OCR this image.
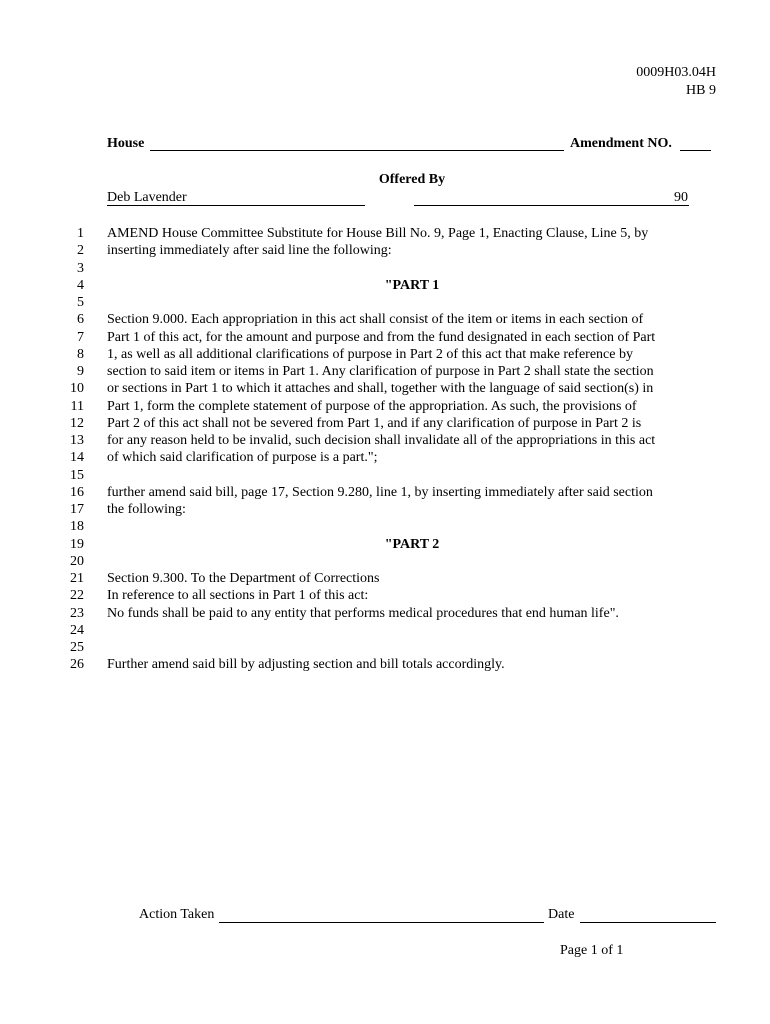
0009H03.04H
HB 9
House	Amendment NO.
Offered By
Deb Lavender	90
1 AMEND House Committee Substitute for House Bill No. 9, Page 1, Enacting Clause, Line 5, by
2 inserting immediately after said line the following:
3
4	"PART 1
5
6 Section 9.000. Each appropriation in this act shall consist of the item or items in each section of
7 Part 1 of this act, for the amount and purpose and from the fund designated in each section of Part
8 1, as well as all additional clarifications of purpose in Part 2 of this act that make reference by
9 section to said item or items in Part 1. Any clarification of purpose in Part 2 shall state the section
10 or sections in Part 1 to which it attaches and shall, together with the language of said section(s) in
11 Part 1, form the complete statement of purpose of the appropriation. As such, the provisions of
12 Part 2 of this act shall not be severed from Part 1, and if any clarification of purpose in Part 2 is
13 for any reason held to be invalid, such decision shall invalidate all of the appropriations in this act
14 of which said clarification of purpose is a part.";
15
16 further amend said bill, page 17, Section 9.280, line 1, by inserting immediately after said section
17 the following:
18
19	"PART 2
20
21 Section 9.300. To the Department of Corrections
22 In reference to all sections in Part 1 of this act:
23 No funds shall be paid to any entity that performs medical procedures that end human life".
24
25
26 Further amend said bill by adjusting section and bill totals accordingly.
Action Taken	Date
Page 1 of 1
